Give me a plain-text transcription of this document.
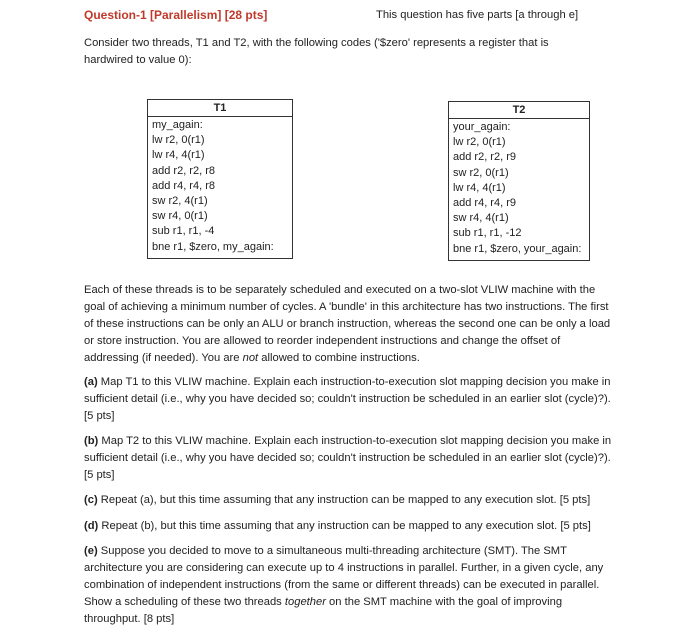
Question-1 [Parallelism] [28 pts]	This question has five parts [a through e]
Consider two threads, T1 and T2, with the following codes ('$zero' represents a register that is hardwired to value 0):
T1
my_again:
lw r2, 0(r1)
lw r4, 4(r1)
add r2, r2, r8
add r4, r4, r8
sw r2, 4(r1)
sw r4, 0(r1)
sub r1, r1, -4
bne r1, $zero, my_again:
T2
your_again:
lw r2, 0(r1)
add r2, r2, r9
sw r2, 0(r1)
lw r4, 4(r1)
add r4, r4, r9
sw r4, 4(r1)
sub r1, r1, -12
bne r1, $zero, your_again:
Each of these threads is to be separately scheduled and executed on a two-slot VLIW machine with the goal of achieving a minimum number of cycles. A 'bundle' in this architecture has two instructions. The first of these instructions can be only an ALU or branch instruction, whereas the second one can be only a load or store instruction. You are allowed to reorder independent instructions and change the offset of addressing (if needed). You are not allowed to combine instructions.
(a) Map T1 to this VLIW machine. Explain each instruction-to-execution slot mapping decision you make in sufficient detail (i.e., why you have decided so; couldn't instruction be scheduled in an earlier slot (cycle)?). [5 pts]
(b) Map T2 to this VLIW machine. Explain each instruction-to-execution slot mapping decision you make in sufficient detail (i.e., why you have decided so; couldn't instruction be scheduled in an earlier slot (cycle)?). [5 pts]
(c) Repeat (a), but this time assuming that any instruction can be mapped to any execution slot. [5 pts]
(d) Repeat (b), but this time assuming that any instruction can be mapped to any execution slot. [5 pts]
(e) Suppose you decided to move to a simultaneous multi-threading architecture (SMT). The SMT architecture you are considering can execute up to 4 instructions in parallel. Further, in a given cycle, any combination of independent instructions (from the same or different threads) can be executed in parallel. Show a scheduling of these two threads together on the SMT machine with the goal of improving throughput. [8 pts]
